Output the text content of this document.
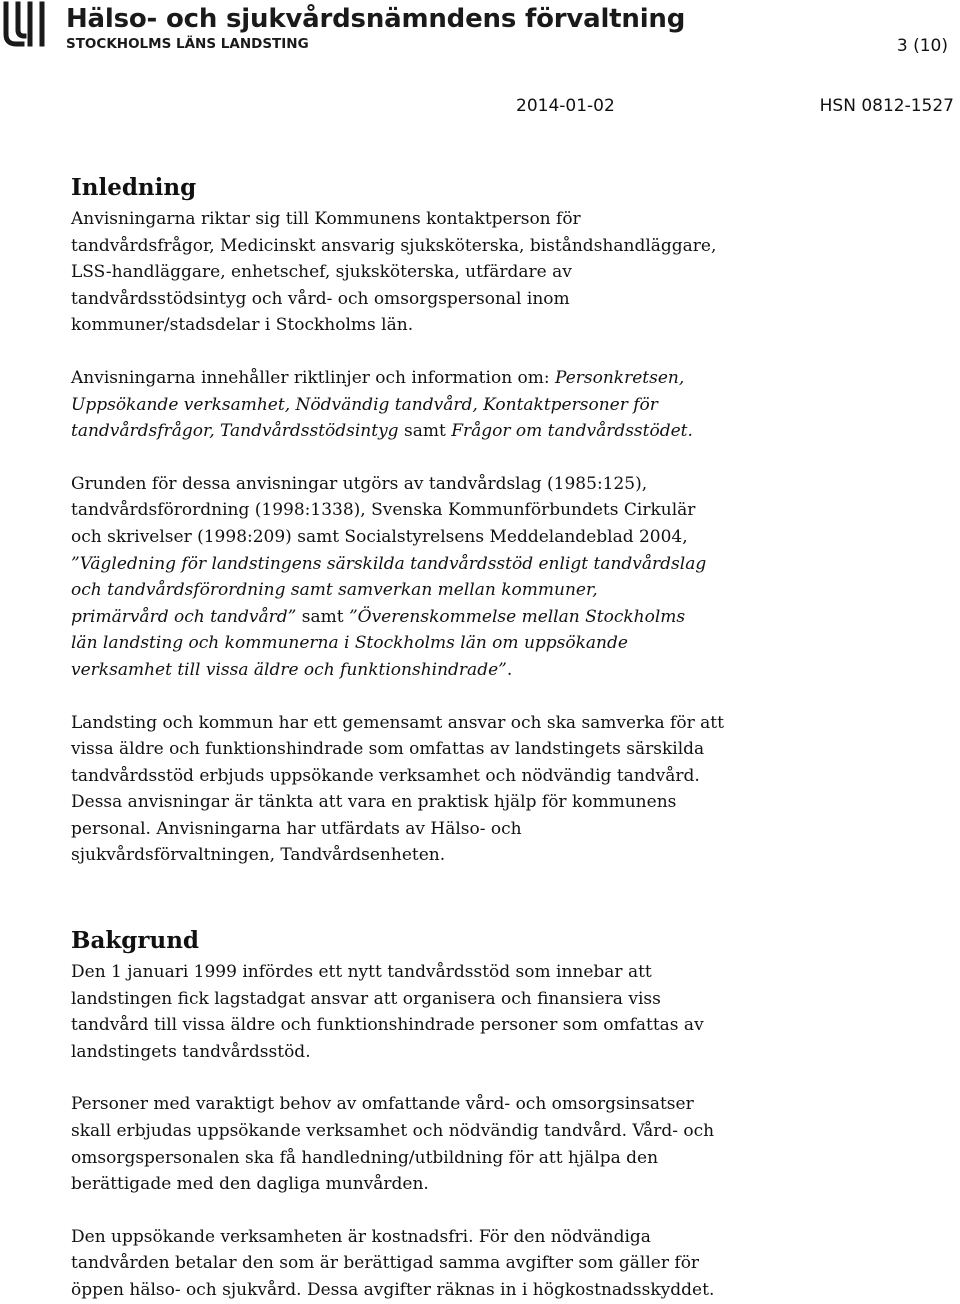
Hälso- och sjukvårdsnämndens förvaltning
STOCKHOLMS LÄNS LANDSTING	3 (10)
2014-01-02	HSN 0812-1527
Inledning

Anvisningarna riktar sig till Kommunens kontaktperson för

tandvårdsfrågor, Medicinskt ansvarig sjuksköterska, biståndshandläggare,

LSS-handläggare, enhetschef, sjuksköterska, utfärdare av

tandvårdsstödsintyg och vård- och omsorgspersonal inom

kommuner/stadsdelar i Stockholms län.

Anvisningarna innehåller riktlinjer och information om: Personkretsen,

Uppsökande verksamhet, Nödvändig tandvård, Kontaktpersoner för

tandvårdsfrågor, Tandvårdsstödsintyg samt Frågor om tandvårdsstödet.

Grunden för dessa anvisningar utgörs av tandvårdslag (1985:125),

tandvårdsförordning (1998:1338), Svenska Kommunförbundets Cirkulär

och skrivelser (1998:209) samt Socialstyrelsens Meddelandeblad 2004,

”Vägledning för landstingens särskilda tandvårdsstöd enligt tandvårdslag

och tandvårdsförordning samt samverkan mellan kommuner,

primärvård och tandvård” samt ”Överenskommelse mellan Stockholms

län landsting och kommunerna i Stockholms län om uppsökande

verksamhet till vissa äldre och funktionshindrade”.

Landsting och kommun har ett gemensamt ansvar och ska samverka för att

vissa äldre och funktionshindrade som omfattas av landstingets särskilda

tandvårdsstöd erbjuds uppsökande verksamhet och nödvändig tandvård.

Dessa anvisningar är tänkta att vara en praktisk hjälp för kommunens

personal. Anvisningarna har utfärdats av Hälso- och

sjukvårdsförvaltningen, Tandvårdsenheten.

Bakgrund

Den 1 januari 1999 infördes ett nytt tandvårdsstöd som innebar att

landstingen fick lagstadgat ansvar att organisera och finansiera viss

tandvård till vissa äldre och funktionshindrade personer som omfattas av

landstingets tandvårdsstöd.

Personer med varaktigt behov av omfattande vård- och omsorgsinsatser

skall erbjudas uppsökande verksamhet och nödvändig tandvård. Vård- och

omsorgspersonalen ska få handledning/utbildning för att hjälpa den

berättigade med den dagliga munvården.

Den uppsökande verksamheten är kostnadsfri. För den nödvändiga

tandvården betalar den som är berättigad samma avgifter som gäller för

öppen hälso- och sjukvård. Dessa avgifter räknas in i högkostnadsskyddet.
